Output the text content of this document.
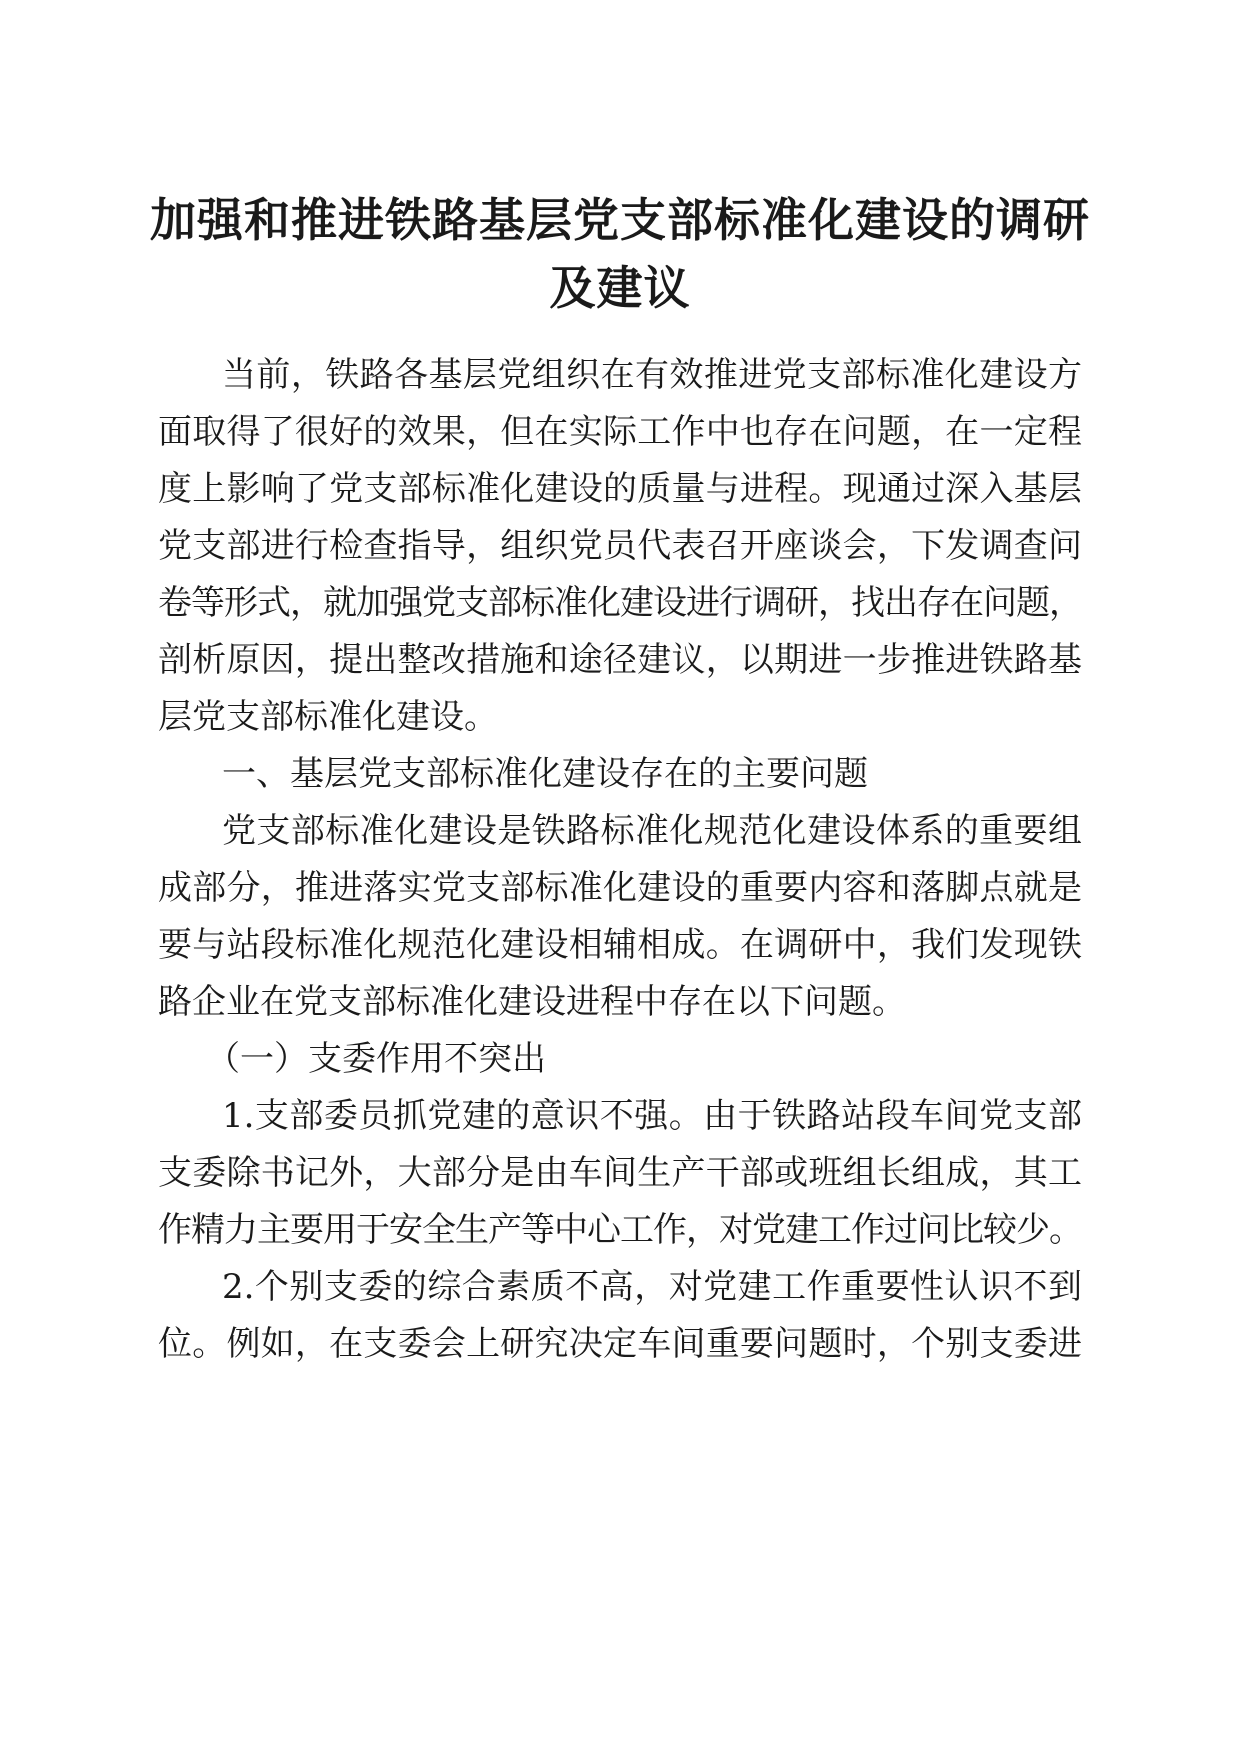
加强和推进铁路基层党支部标准化建设的调研
及建议
当前，铁路各基层党组织在有效推进党支部标准化建设方
面取得了很好的效果，但在实际工作中也存在问题，在一定程
度上影响了党支部标准化建设的质量与进程。现通过深入基层
党支部进行检查指导，组织党员代表召开座谈会，下发调查问
卷等形式，就加强党支部标准化建设进行调研，找出存在问题，
剖析原因，提出整改措施和途径建议，以期进一步推进铁路基
层党支部标准化建设。
一、基层党支部标准化建设存在的主要问题
党支部标准化建设是铁路标准化规范化建设体系的重要组
成部分，推进落实党支部标准化建设的重要内容和落脚点就是
要与站段标准化规范化建设相辅相成。在调研中，我们发现铁
路企业在党支部标准化建设进程中存在以下问题。
（一）支委作用不突出
1.支部委员抓党建的意识不强。由于铁路站段车间党支部
支委除书记外，大部分是由车间生产干部或班组长组成，其工
作精力主要用于安全生产等中心工作，对党建工作过问比较少。
2.个别支委的综合素质不高，对党建工作重要性认识不到
位。例如，在支委会上研究决定车间重要问题时，个别支委进
